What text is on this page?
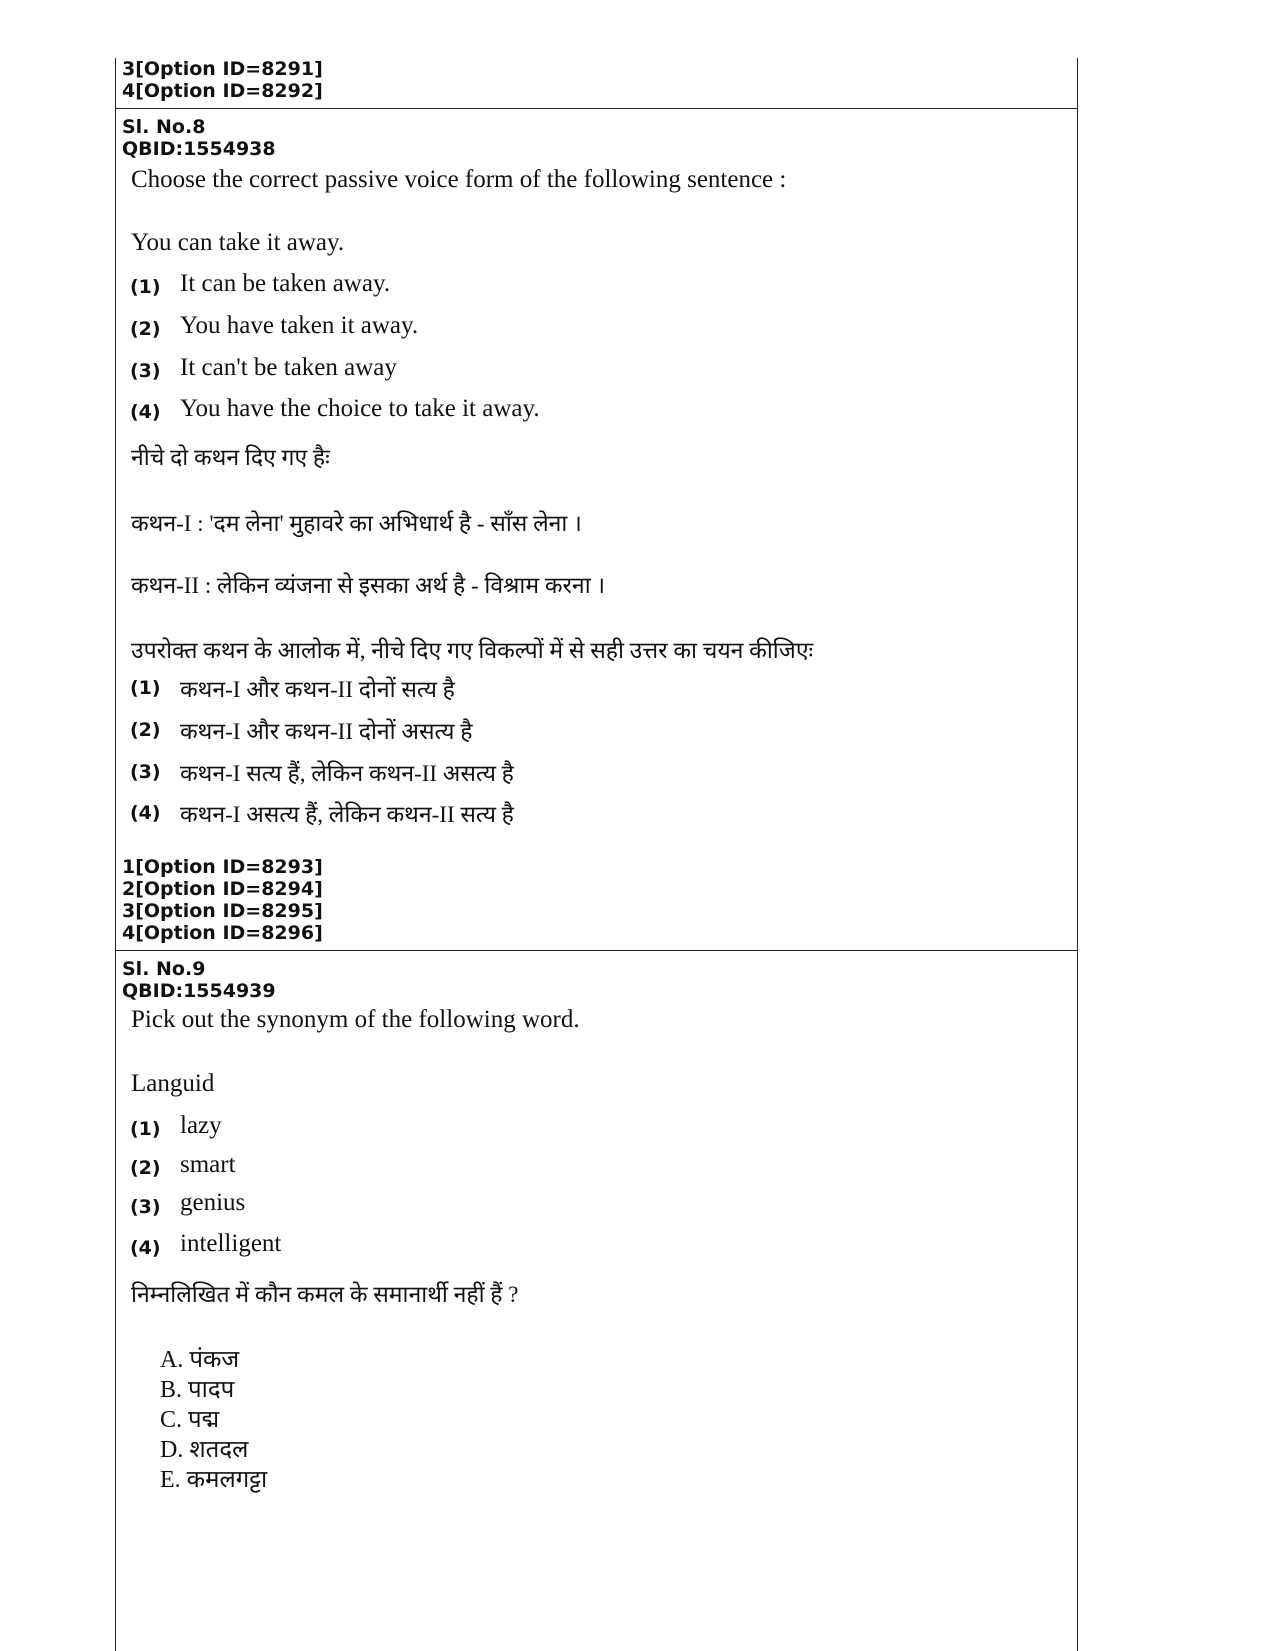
3[Option ID=8291]

4[Option ID=8292]

Sl. No.8

QBID:1554938

Choose the correct passive voice form of the following sentence :

You can take it away.

(1) It can be taken away.

(2) You have taken it away.

(3) It can't be taken away

(4) You have the choice to take it away.

नीचे दो कथन दिए गए हैः

कथन-I : 'दम लेना' मुहावरे का अभिधार्थ है - साँस लेना ।

कथन-II : लेकिन व्यंजना से इसका अर्थ है - विश्राम करना ।

उपरोक्त कथन के आलोक में, नीचे दिए गए विकल्पों में से सही उत्तर का चयन कीजिएः

(1) कथन-I और कथन-II दोनों सत्य है

(2) कथन-I और कथन-II दोनों असत्य है

(3) कथन-I सत्य हैं, लेकिन कथन-II असत्य है

(4) कथन-I असत्य हैं, लेकिन कथन-II सत्य है

1[Option ID=8293]

2[Option ID=8294]

3[Option ID=8295]

4[Option ID=8296]

Sl. No.9

QBID:1554939

Pick out the synonym of the following word.

Languid

(1) lazy

(2) smart

(3) genius

(4) intelligent

निम्नलिखित में कौन कमल के समानार्थी नहीं हैं ?

A. पंकज

B. पादप

C. पद्म

D. शतदल

E. कमलगट्टा
